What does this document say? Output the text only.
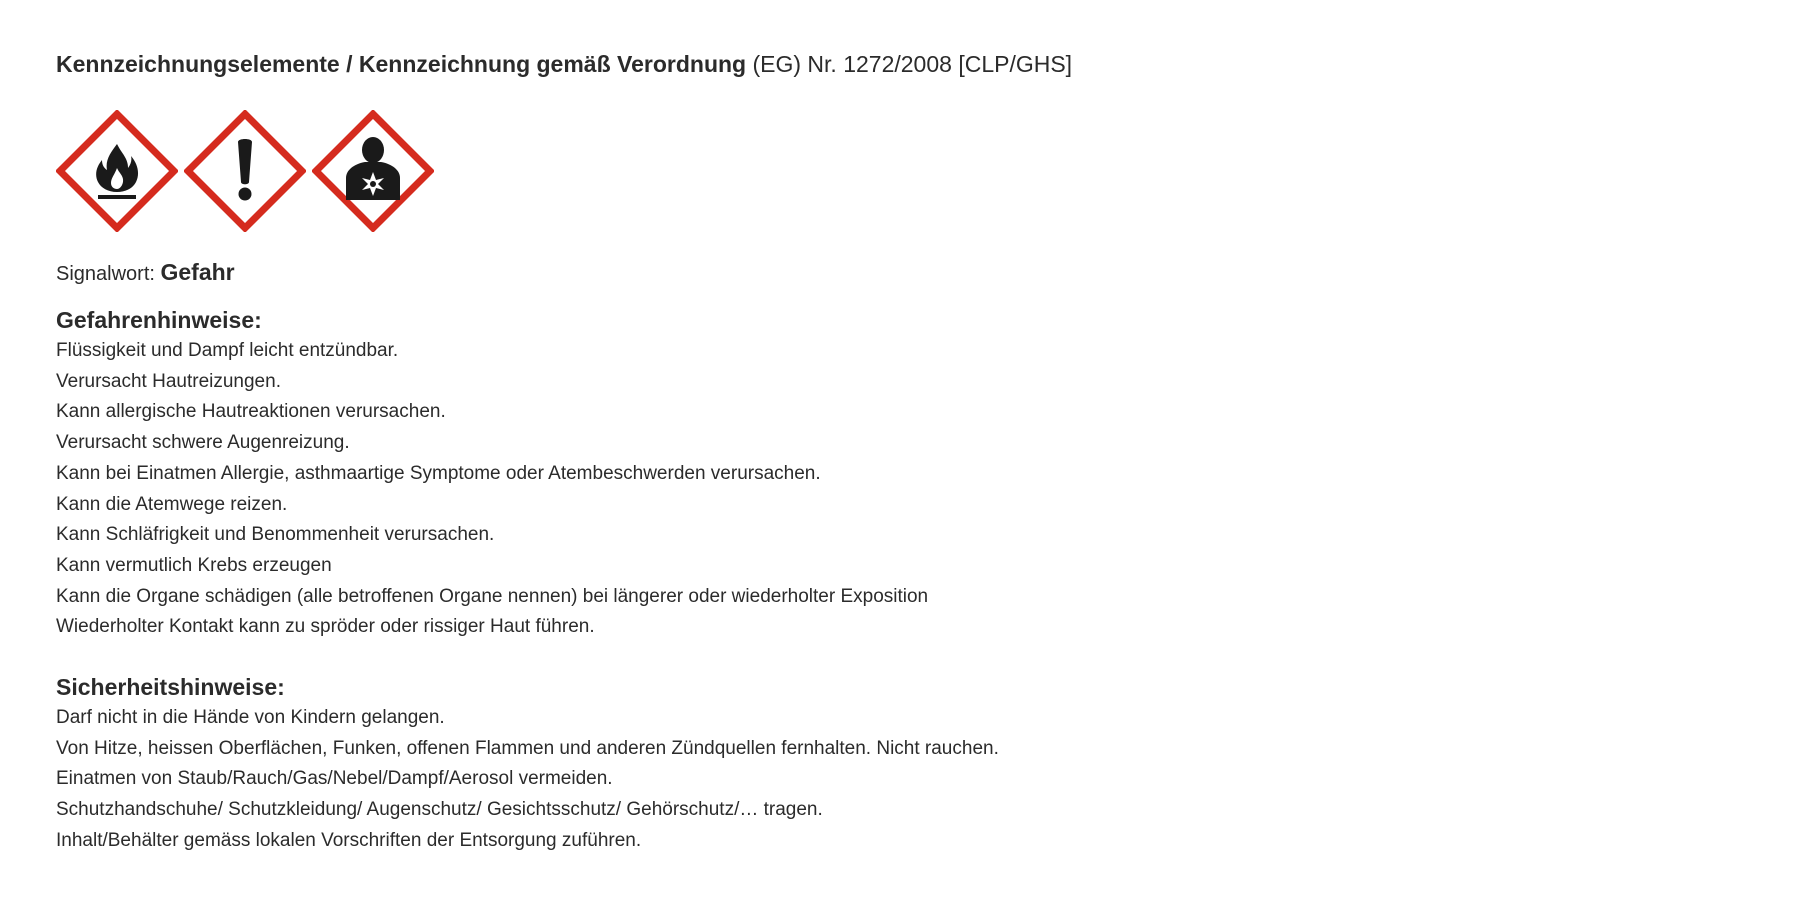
Kennzeichnungselemente / Kennzeichnung gemäß Verordnung (EG) Nr. 1272/2008 [CLP/GHS]
Signalwort: Gefahr
Gefahrenhinweise:
Flüssigkeit und Dampf leicht entzündbar.
Verursacht Hautreizungen.
Kann allergische Hautreaktionen verursachen.
Verursacht schwere Augenreizung.
Kann bei Einatmen Allergie, asthmaartige Symptome oder Atembeschwerden verursachen.
Kann die Atemwege reizen.
Kann Schläfrigkeit und Benommenheit verursachen.
Kann vermutlich Krebs erzeugen
Kann die Organe schädigen (alle betroffenen Organe nennen) bei längerer oder wiederholter Exposition
Wiederholter Kontakt kann zu spröder oder rissiger Haut führen.
Sicherheitshinweise:
Darf nicht in die Hände von Kindern gelangen.
Von Hitze, heissen Oberflächen, Funken, offenen Flammen und anderen Zündquellen fernhalten. Nicht rauchen.
Einatmen von Staub/Rauch/Gas/Nebel/Dampf/Aerosol vermeiden.
Schutzhandschuhe/ Schutzkleidung/ Augenschutz/ Gesichtsschutz/ Gehörschutz/… tragen.
Inhalt/Behälter gemäss lokalen Vorschriften der Entsorgung zuführen.
